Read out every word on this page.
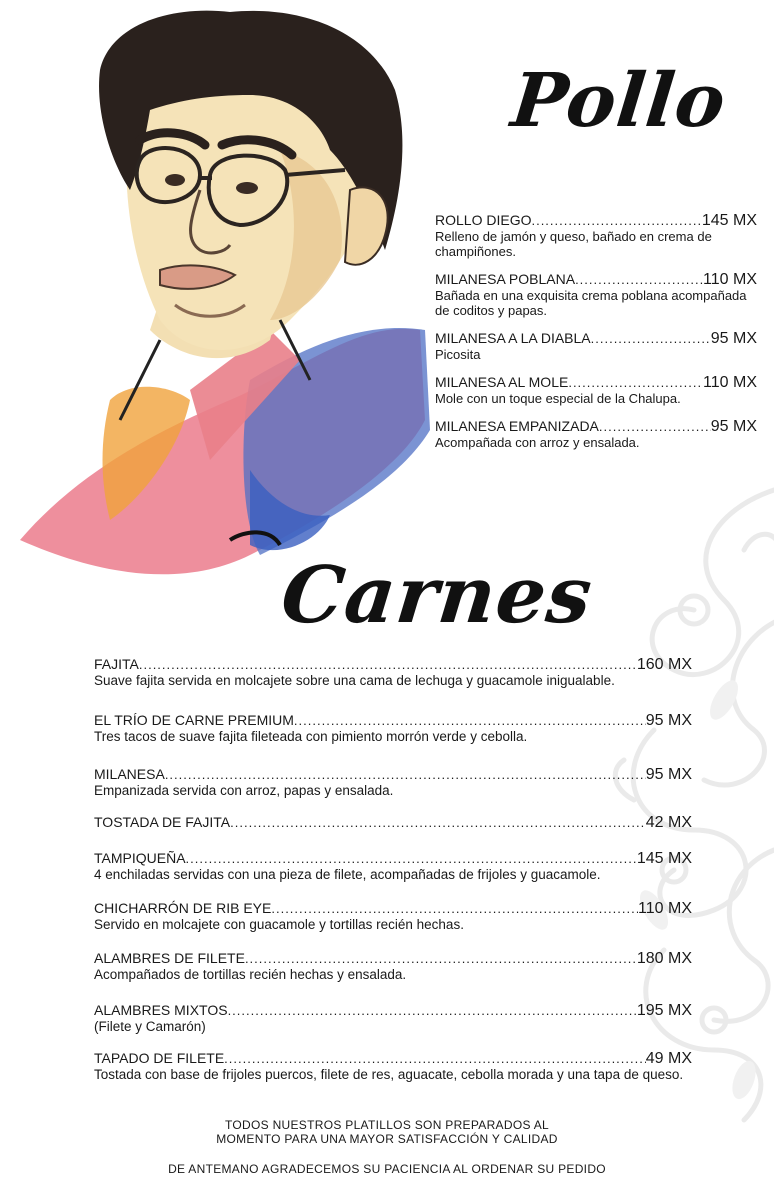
Pollo
ROLLO DIEGO .....	145 MX
Relleno de jamón y queso, bañado en crema de champiñones.
MILANESA POBLANA .....	110 MX
Bañada en una exquisita crema poblana acompañada de coditos y papas.
MILANESA A LA DIABLA .....	95 MX
Picosita
MILANESA AL MOLE .....	110 MX
Mole con un toque especial de la Chalupa.
MILANESA EMPANIZADA .....	95 MX
Acompañada con arroz y ensalada.
Carnes
FAJITA .....	160 MX
Suave fajita servida en molcajete sobre una cama de lechuga y guacamole inigualable.
EL TRÍO DE CARNE PREMIUM .....	95 MX
Tres tacos de suave fajita fileteada con pimiento morrón verde y cebolla.
MILANESA .....	95 MX
Empanizada servida con arroz, papas y ensalada.
TOSTADA DE FAJITA .....	42 MX
TAMPIQUEÑA .....	145 MX
4 enchiladas servidas con una pieza de filete, acompañadas de frijoles y guacamole.
CHICHARRÓN DE RIB EYE .....	110 MX
Servido en molcajete con guacamole y tortillas recién hechas.
ALAMBRES DE FILETE .....	180 MX
Acompañados de tortillas recién hechas y ensalada.
ALAMBRES MIXTOS .....	195 MX
(Filete y Camarón)
TAPADO DE FILETE .....	49 MX
Tostada con base de frijoles puercos, filete de res, aguacate, cebolla morada y una tapa de queso.
TODOS NUESTROS PLATILLOS SON PREPARADOS AL
MOMENTO PARA UNA MAYOR SATISFACCIÓN Y CALIDAD
DE ANTEMANO AGRADECEMOS SU PACIENCIA AL ORDENAR SU PEDIDO
